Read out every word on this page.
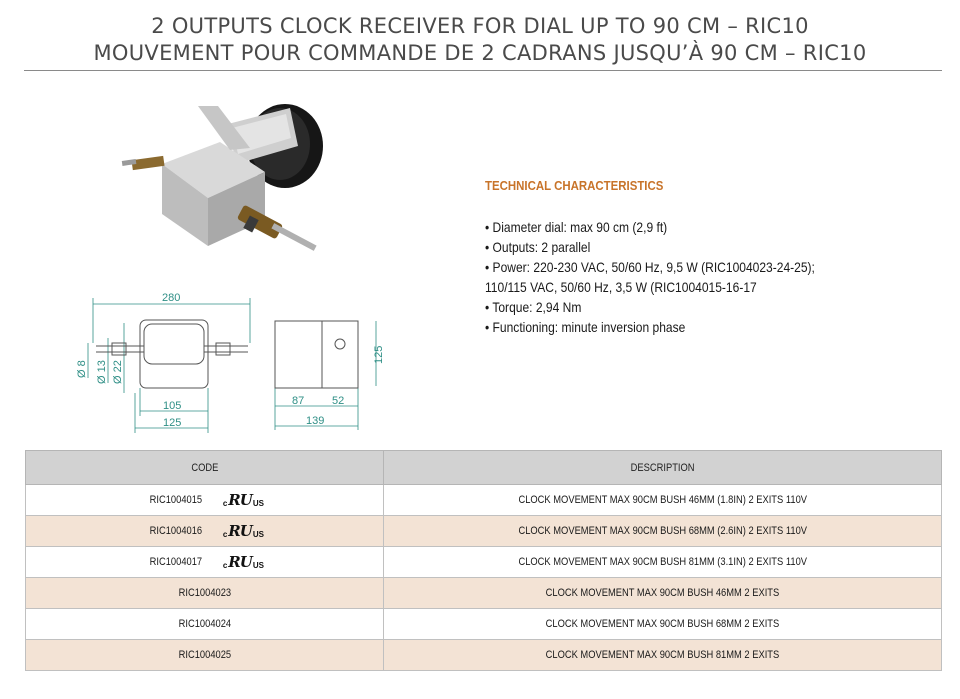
2 OUTPUTS CLOCK RECEIVER FOR DIAL UP TO 90 CM – RIC10
MOUVEMENT POUR COMMANDE DE 2 CADRANS JUSQU’À 90 CM – RIC10
280
105
125
87	52
139
125
Ø 8 Ø 13 Ø 22
TECHNICAL CHARACTERISTICS
• Diameter dial: max 90 cm (2,9 ft)
• Outputs: 2 parallel
• Power: 220-230 VAC, 50/60 Hz, 9,5 W (RIC1004023-24-25);
110/115 VAC, 50/60 Hz, 3,5 W (RIC1004015-16-17
• Torque: 2,94 Nm
• Functioning: minute inversion phase
CODE	DESCRIPTION

RIC1004015 c RU US	CLOCK MOVEMENT MAX 90CM BUSH 46MM (1.8IN) 2 EXITS 110V

RIC1004016 c RU US	CLOCK MOVEMENT MAX 90CM BUSH 68MM (2.6IN) 2 EXITS 110V

RIC1004017 c RU US	CLOCK MOVEMENT MAX 90CM BUSH 81MM (3.1IN) 2 EXITS 110V
RIC1004023	CLOCK MOVEMENT MAX 90CM BUSH 46MM 2 EXITS
RIC1004024	CLOCK MOVEMENT MAX 90CM BUSH 68MM 2 EXITS
RIC1004025	CLOCK MOVEMENT MAX 90CM BUSH 81MM 2 EXITS
